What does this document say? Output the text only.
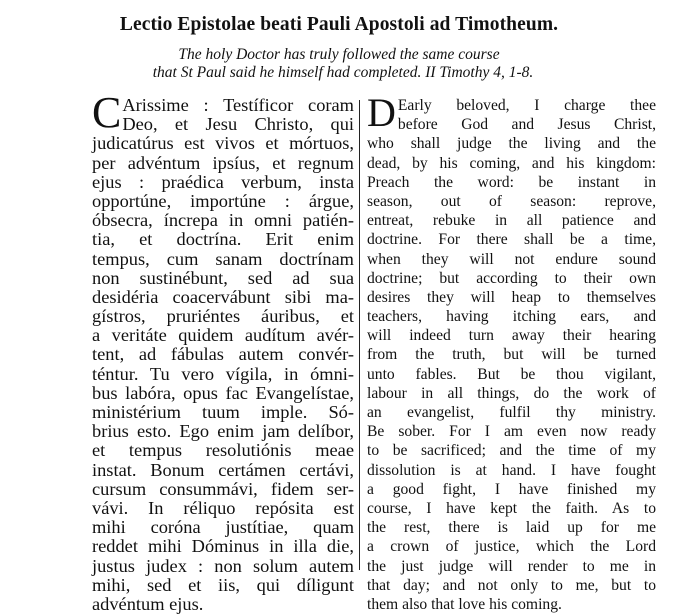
Lectio Epistolae beati Pauli Apostoli ad Timotheum.
The holy Doctor has truly followed the same course
that St Paul said he himself had completed. II Timothy 4, 1-8.
C Arissime : Testíficor coram
Deo, et Jesu Christo, qui
judicatúrus est vivos et mórtuos,
per advéntum ipsíus, et regnum
ejus : praédica verbum, insta
opportúne, importúne : árgue,
óbsecra, íncrepa in omni patién-
tia, et doctrína. Erit enim
tempus, cum sanam doctrínam
non sustinébunt, sed ad sua
desidéria coacervábunt sibi ma-
gístros, pruriéntes áuribus, et
a veritáte quidem audítum avér-
tent, ad fábulas autem convér-
téntur. Tu vero vígila, in ómni-
bus labóra, opus fac Evangelístae,
ministérium tuum imple. Só-
brius esto. Ego enim jam delíbor,
et tempus resolutiónis meae
instat. Bonum certámen certávi,
cursum consummávi, fidem ser-
vávi. In réliquo repósita est
mihi coróna justítiae, quam
reddet mihi Dóminus in illa die,
justus judex : non solum autem
mihi, sed et iis, qui díligunt
advéntum ejus.
D Early beloved, I charge thee
before God and Jesus Christ,
who shall judge the living and the
dead, by his coming, and his kingdom:
Preach the word: be instant in
season, out of season: reprove,
entreat, rebuke in all patience and
doctrine. For there shall be a time,
when they will not endure sound
doctrine; but according to their own
desires they will heap to themselves
teachers, having itching ears, and
will indeed turn away their hearing
from the truth, but will be turned
unto fables. But be thou vigilant,
labour in all things, do the work of
an evangelist, fulfil thy ministry.
Be sober. For I am even now ready
to be sacrificed; and the time of my
dissolution is at hand. I have fought
a good fight, I have finished my
course, I have kept the faith. As to
the rest, there is laid up for me
a crown of justice, which the Lord
the just judge will render to me in
that day; and not only to me, but to
them also that love his coming.
